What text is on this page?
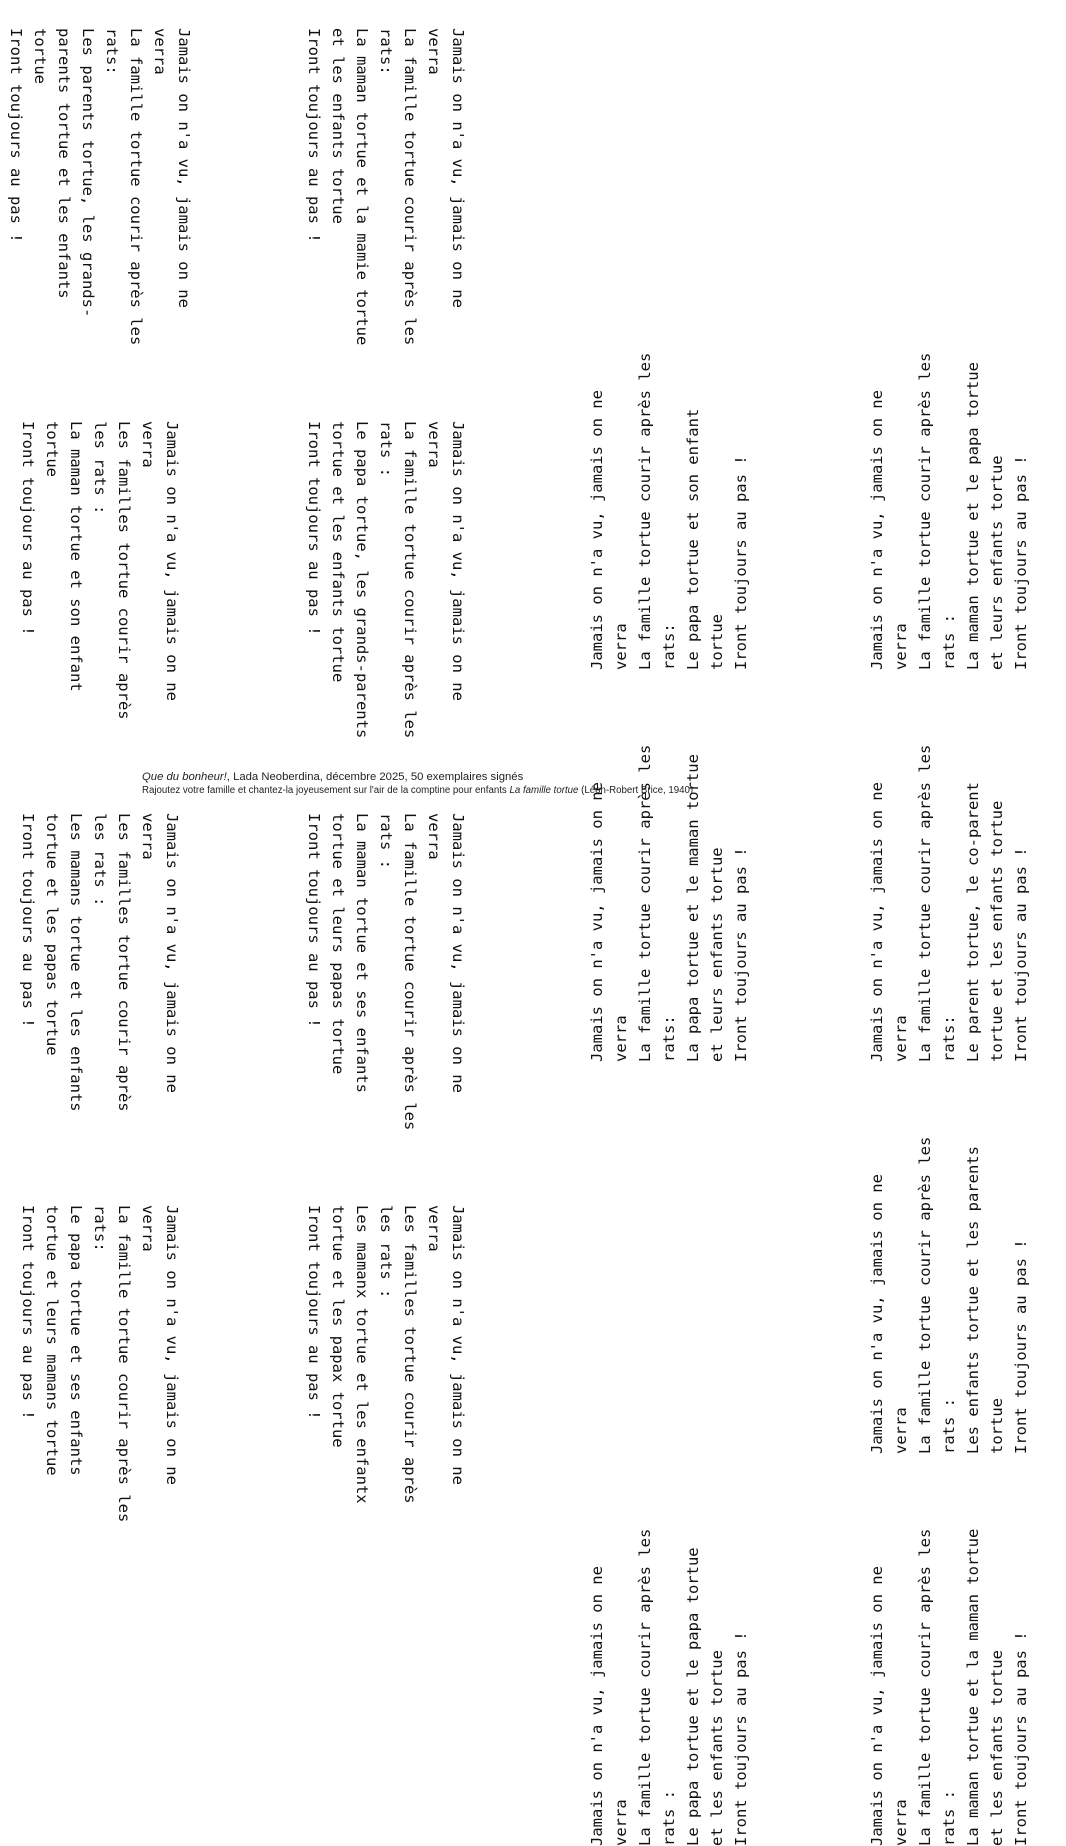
Jamais on n'a vu, jamais on ne
verra
La famille tortue courir après les
rats:
Les parents tortue, les grands-
parents tortue et les enfants
tortue
Iront toujours au pas !	Jamais on n'a vu, jamais on ne
verra
La famille tortue courir après les
rats:
La maman tortue et la mamie tortue
et les enfants tortue
Iront toujours au pas !
Jamais on n'a vu, jamais on ne verra La famille tortue courir après les rats: Le papa tortue et son enfant tortue Iront toujours au pas !	Jamais on n'a vu, jamais on ne verra La famille tortue courir après les rats : La maman tortue et le papa tortue et leurs enfants tortue Iront toujours au pas !
Jamais on n'a vu, jamais on ne
verra
Les familles tortue courir après
les rats :
La maman tortue et son enfant
tortue
Iront toujours au pas !	Jamais on n'a vu, jamais on ne
verra
La famille tortue courir après les
rats :
Le papa tortue, les grands-parents
tortue et les enfants tortue
Iront toujours au pas !
Jamais on n'a vu, jamais on ne verra La famille tortue courir après les rats: La papa tortue et le maman tortue et leurs enfants tortue Iront toujours au pas !	Jamais on n'a vu, jamais on ne verra La famille tortue courir après les rats: Le parent tortue, le co-parent tortue et les enfants tortue Iront toujours au pas !
Que du bonheur!, Lada Neoberdina, décembre 2025, 50 exemplaires signés
Rajoutez votre famille et chantez-la joyeusement sur l'air de la comptine pour enfants La famille tortue (Léon-Robert Brice, 1940)
Jamais on n'a vu, jamais on ne
verra
Les familles tortue courir après
les rats :
Les mamans tortue et les enfants
tortue et les papas tortue
Iront toujours au pas !	Jamais on n'a vu, jamais on ne
verra
La famille tortue courir après les
rats :
La maman tortue et ses enfants
tortue et leurs papas tortue
Iront toujours au pas !
Jamais on n'a vu, jamais on ne verra La famille tortue courir après les rats : Les enfants tortue et les parents tortue Iront toujours au pas !
Jamais on n'a vu, jamais on ne
verra
La famille tortue courir après les
rats:
Le papa tortue et ses enfants
tortue et leurs mamans tortue
Iront toujours au pas !	Jamais on n'a vu, jamais on ne
verra
Les familles tortue courir après
les rats :
Les mamanx tortue et les enfantx
tortue et les papax tortue
Iront toujours au pas !
Jamais on n'a vu, jamais on ne verra La famille tortue courir après les rats : Le papa tortue et le papa tortue et les enfants tortue Iront toujours au pas !	Jamais on n'a vu, jamais on ne verra La famille tortue courir après les rats : La maman tortue et la maman tortue et les enfants tortue Iront toujours au pas !
